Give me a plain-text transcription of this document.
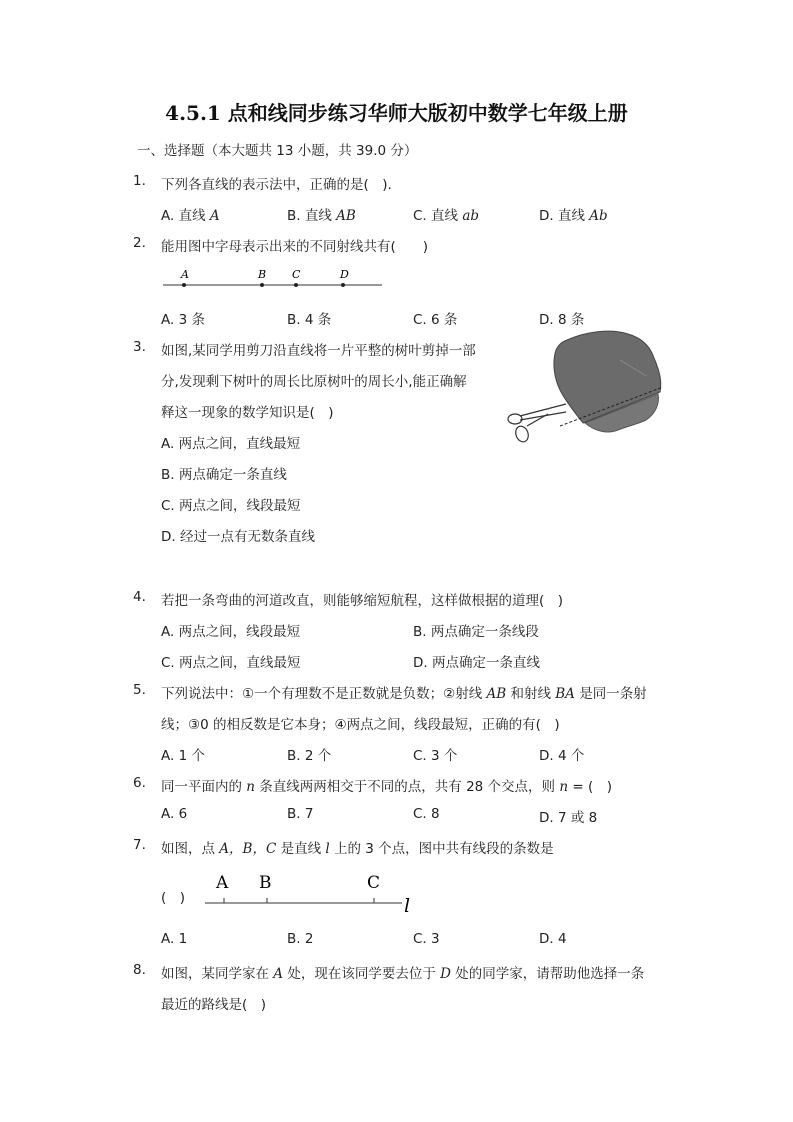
4.5.1 点和线同步练习华师大版初中数学七年级上册
一、选择题（本大题共 13 小题，共 39.0 分）
1. 下列各直线的表示法中，正确的是(　).
A. 直线 A	B. 直线 AB	C. 直线 ab	D. 直线 Ab
2. 能用图中字母表示出来的不同射线共有(　　)
A	B C	D
A. 3 条	B. 4 条	C. 6 条	D. 8 条
3. 如图,某同学用剪刀沿直线将一片平整的树叶剪掉一部
分,发现剩下树叶的周长比原树叶的周长小,能正确解
释这一现象的数学知识是(　)
A. 两点之间，直线最短
B. 两点确定一条直线
C. 两点之间，线段最短
D. 经过一点有无数条直线
4. 若把一条弯曲的河道改直，则能够缩短航程，这样做根据的道理(　)
A. 两点之间，线段最短	B. 两点确定一条线段
C. 两点之间，直线最短	D. 两点确定一条直线
5. 下列说法中：①一个有理数不是正数就是负数；②射线 AB 和射线 BA 是同一条射
线；③0 的相反数是它本身；④两点之间，线段最短，正确的有(　)
A. 1 个	B. 2 个	C. 3 个	D. 4 个
6. 同一平面内的 n 条直线两两相交于不同的点，共有 28 个交点，则 n = (　)
A. 6	B. 7	C. 8	D. 7 或 8
7. 如图，点 A，B，C 是直线 l 上的 3 个点，图中共有线段的条数是
(　)
A B	C
l
A. 1	B. 2	C. 3	D. 4
8. 如图，某同学家在 A 处，现在该同学要去位于 D 处的同学家，请帮助他选择一条
最近的路线是(　)
